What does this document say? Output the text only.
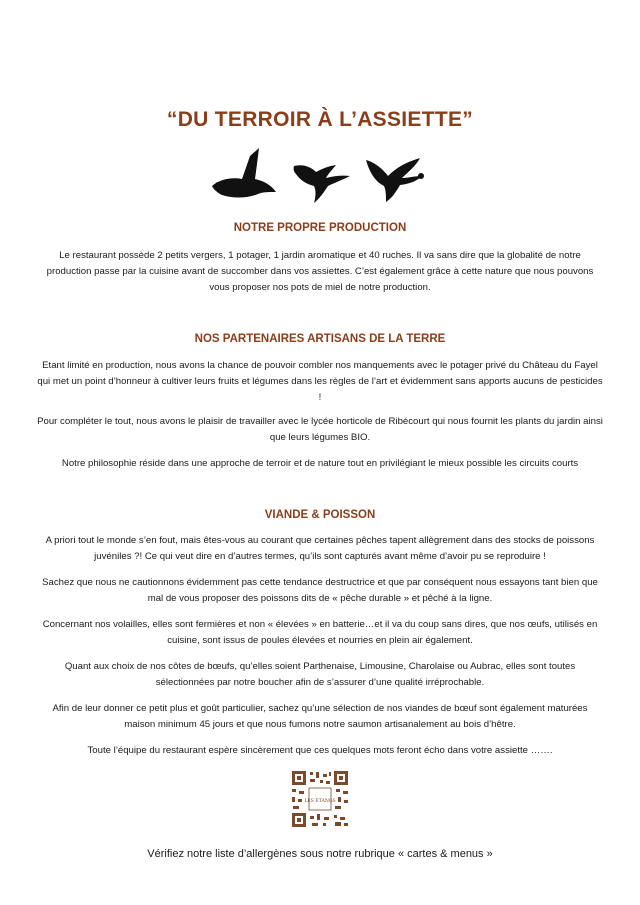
“DU TERROIR À L’ASSIETTE”
NOTRE PROPRE PRODUCTION

Le restaurant possède 2 petits vergers, 1 potager, 1 jardin aromatique et 40 ruches. Il va sans dire que la globalité de notre production passe par la cuisine avant de succomber dans vos assiettes. C’est également grâce à cette nature que nous pouvons vous proposer nos pots de miel de notre production.

NOS PARTENAIRES ARTISANS DE LA TERRE

Etant limité en production, nous avons la chance de pouvoir combler nos manquements avec le potager privé du Château du Fayel qui met un point d’honneur à cultiver leurs fruits et légumes dans les règles de l’art et évidemment sans apports aucuns de pesticides !

Pour compléter le tout, nous avons le plaisir de travailler avec le lycée horticole de Ribécourt qui nous fournit les plants du jardin ainsi que leurs légumes BIO.

Notre philosophie réside dans une approche de terroir et de nature tout en privilégiant le mieux possible les circuits courts

VIANDE & POISSON

A priori tout le monde s’en fout, mais êtes-vous au courant que certaines pêches tapent allègrement dans des stocks de poissons juvéniles ?! Ce qui veut dire en d’autres termes, qu’ils sont capturés avant même d’avoir pu se reproduire !

Sachez que nous ne cautionnons évidemment pas cette tendance destructrice et que par conséquent nous essayons tant bien que mal de vous proposer des poissons dits de « pêche durable » et pêché à la ligne.

Concernant nos volailles, elles sont fermières et non « élevées » en batterie…et il va du coup sans dires, que nos œufs, utilisés en cuisine, sont issus de poules élevées et nourries en plein air également.

Quant aux choix de nos côtes de bœufs, qu’elles soient Parthenaise, Limousine, Charolaise ou Aubrac, elles sont toutes sélectionnées par notre boucher afin de s’assurer d’une qualité irréprochable.

Afin de leur donner ce petit plus et goût particulier, sachez qu’une sélection de nos viandes de bœuf sont également maturées maison minimum 45 jours et que nous fumons notre saumon artisanalement au bois d’hêtre.

Toute l’équipe du restaurant espère sincèrement que ces quelques mots feront écho dans votre assiette …….

LES ÉTANGS

Vérifiez notre liste d’allergènes sous notre rubrique « cartes & menus »
